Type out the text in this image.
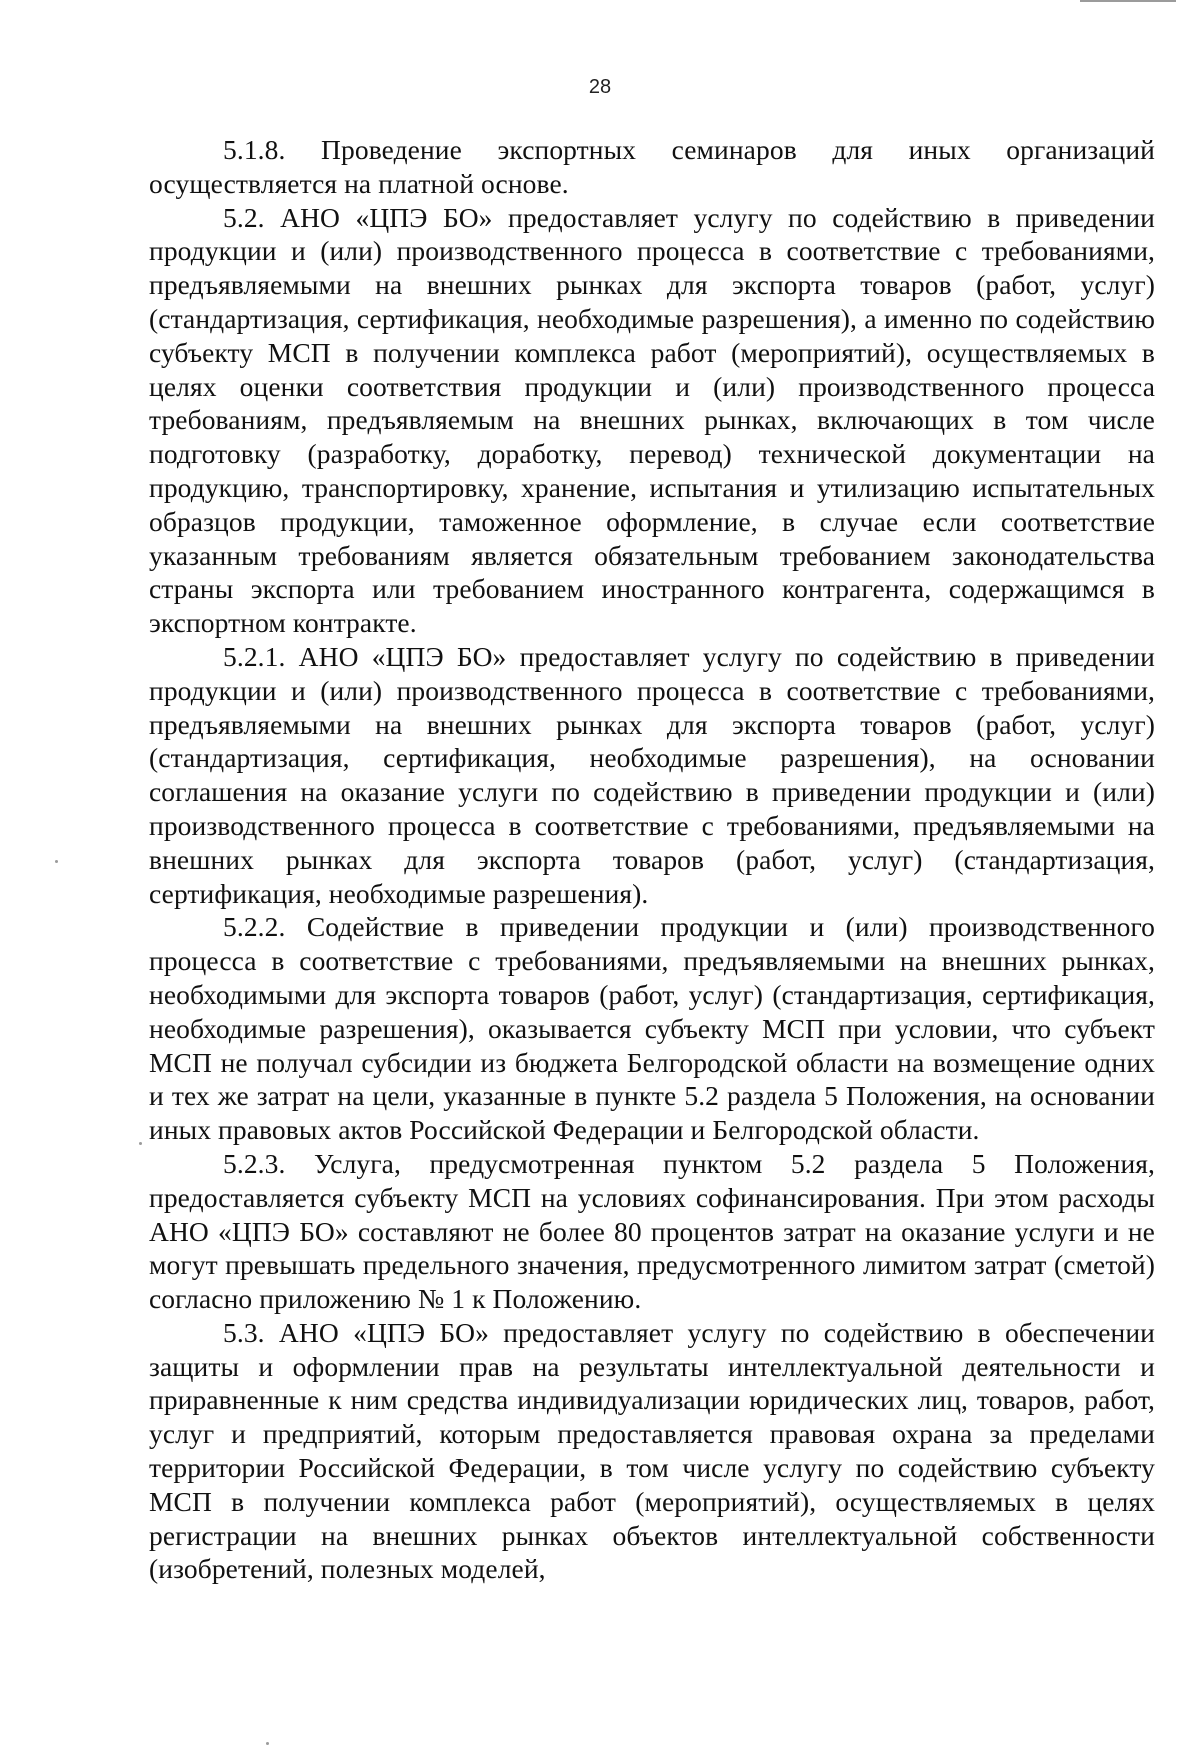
28

5.1.8. Проведение экспортных семинаров для иных организаций осуществляется на платной основе.

5.2. АНО «ЦПЭ БО» предоставляет услугу по содействию в приведении продукции и (или) производственного процесса в соответствие с требованиями, предъявляемыми на внешних рынках для экспорта товаров (работ, услуг) (стандартизация, сертификация, необходимые разрешения), а именно по содействию субъекту МСП в получении комплекса работ (мероприятий), осуществляемых в целях оценки соответствия продукции и (или) производственного процесса требованиям, предъявляемым на внешних рынках, включающих в том числе подготовку (разработку, доработку, перевод) технической документации на продукцию, транспортировку, хранение, испытания и утилизацию испытательных образцов продукции, таможенное оформление, в случае если соответствие указанным требованиям является обязательным требованием законодательства страны экспорта или требованием иностранного контрагента, содержащимся в экспортном контракте.

5.2.1. АНО «ЦПЭ БО» предоставляет услугу по содействию в приведении продукции и (или) производственного процесса в соответствие с требованиями, предъявляемыми на внешних рынках для экспорта товаров (работ, услуг) (стандартизация, сертификация, необходимые разрешения), на основании соглашения на оказание услуги по содействию в приведении продукции и (или) производственного процесса в соответствие с требованиями, предъявляемыми на внешних рынках для экспорта товаров (работ, услуг) (стандартизация, сертификация, необходимые разрешения).

5.2.2. Содействие в приведении продукции и (или) производственного процесса в соответствие с требованиями, предъявляемыми на внешних рынках, необходимыми для экспорта товаров (работ, услуг) (стандартизация, сертификация, необходимые разрешения), оказывается субъекту МСП при условии, что субъект МСП не получал субсидии из бюджета Белгородской области на возмещение одних и тех же затрат на цели, указанные в пункте 5.2 раздела 5 Положения, на основании иных правовых актов Российской Федерации и Белгородской области.

5.2.3. Услуга, предусмотренная пунктом 5.2 раздела 5 Положения, предоставляется субъекту МСП на условиях софинансирования. При этом расходы АНО «ЦПЭ БО» составляют не более 80 процентов затрат на оказание услуги и не могут превышать предельного значения, предусмотренного лимитом затрат (сметой) согласно приложению № 1 к Положению.

5.3. АНО «ЦПЭ БО» предоставляет услугу по содействию в обеспечении защиты и оформлении прав на результаты интеллектуальной деятельности и приравненные к ним средства индивидуализации юридических лиц, товаров, работ, услуг и предприятий, которым предоставляется правовая охрана за пределами территории Российской Федерации, в том числе услугу по содействию субъекту МСП в получении комплекса работ (мероприятий), осуществляемых в целях регистрации на внешних рынках объектов интеллектуальной собственности (изобретений, полезных моделей,
